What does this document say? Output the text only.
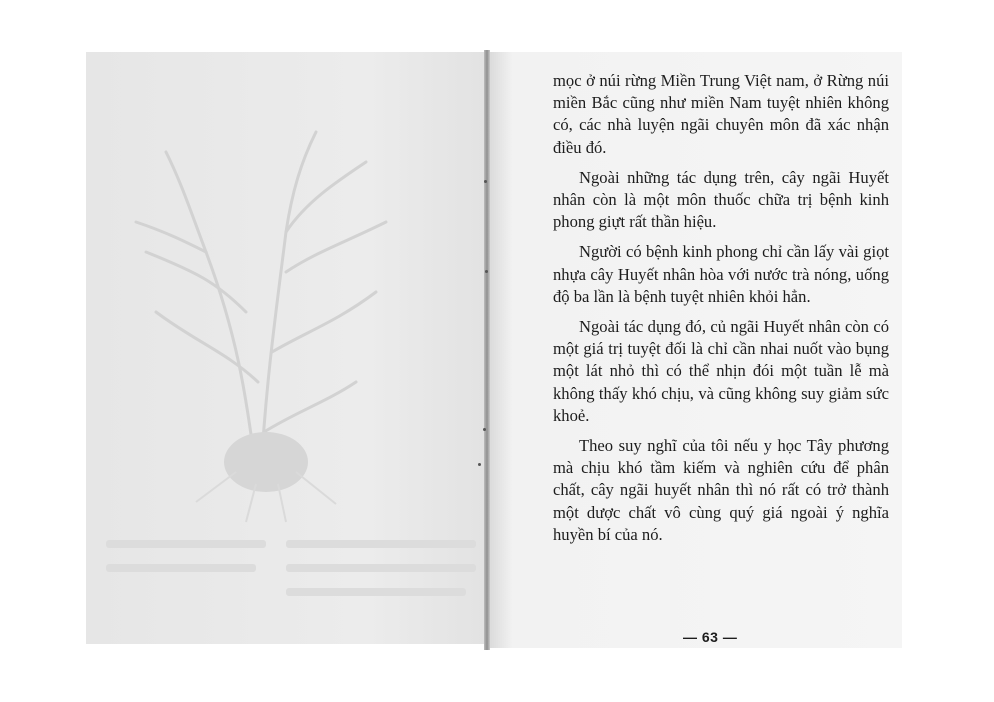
mọc ở núi rừng Miền Trung Việt nam, ở Rừng núi miền Bắc cũng như miền Nam tuyệt nhiên không có, các nhà luyện ngãi chuyên môn đã xác nhận điều đó.

Ngoài những tác dụng trên, cây ngãi Huyết nhân còn là một môn thuốc chữa trị bệnh kinh phong giựt rất thần hiệu.

Người có bệnh kinh phong chỉ cần lấy vài giọt nhựa cây Huyết nhân hòa với nước trà nóng, uống độ ba lần là bệnh tuyệt nhiên khỏi hẳn.

Ngoài tác dụng đó, củ ngãi Huyết nhân còn có một giá trị tuyệt đối là chỉ cần nhai nuốt vào bụng một lát nhỏ thì có thể nhịn đói một tuần lễ mà không thấy khó chịu, và cũng không suy giảm sức khoẻ.

Theo suy nghĩ của tôi nếu y học Tây phương mà chịu khó tầm kiếm và nghiên cứu để phân chất, cây ngãi huyết nhân thì nó rất có trở thành một dược chất vô cùng quý giá ngoài ý nghĩa huyền bí của nó.

— 63 —
